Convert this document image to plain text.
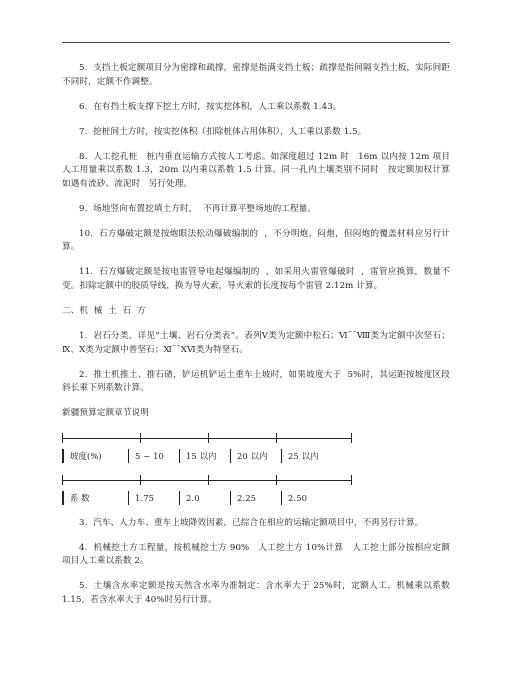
5.  支挡土板定额项目分为密撑和疏撑，密撑是指满支挡土板；疏撑是指间隔支挡土板，实际间距不同时，定额不作调整。

6.  在有挡土板支撑下挖土方时，按实挖体积，人工乘以系数 1.43。

7.  挖桩间土方时，按实挖体积（扣除桩体占用体积），人工乘以系数 1.5。

8.  人工挖孔桩   桩内垂直运输方式按人工考虑。如深度超过 12m 时   16m 以内按 12m 项目人工用量乘以系数 1.3，20m 以内乘以系数 1.5 计算。同一孔内土壤类别不同时   按定额加权计算   如遇有流砂、流泥时   另行处理。

9.  场地竖向布置挖填土方时，  不再计算平整场地的工程量。

10.  石方爆破定额是按炮眼法松动爆破编制的  ，不分明炮、闷炮，但闷炮的覆盖材料应另行计算。

11.  石方爆破定额是按电雷管导电起爆编制的  ，如采用火雷管爆破时  ，雷管应换算，数量不变。扣除定额中的胶质导线，换为导火索，导火索的长度按每个雷管 2.12m 计算。

二、机  械  土  石  方

1.  岩石分类，详见“土壤、岩石分类表”。表列Ⅴ类为定额中松石；Ⅵ¯¯Ⅷ类为定额中次坚石；Ⅸ、Ⅹ类为定额中普坚石；Ⅺ¯¯ⅩⅥ类为特坚石。

2.  推土机推土、推石碴，铲运机铲运土重车上坡时，如果坡度大于  5%时，其运距按坡度区段斜长乘下列系数计算。

新疆预算定额章节说明

坡度(%)	5 ~ 10	15 以内	20 以内	25 以内
系 数	1.75	2.0	2.25	2.50

3.  汽车、人力车、重车上坡降效因素，已综合在相应的运输定额项目中，不再另行计算。

4.  机械挖土方工程量，按机械挖土方 90%   人工挖土方 10%计算   人工挖土部分按相应定额项目人工乘以系数 2。

5.  土壤含水率定额是按天然含水率为准制定：含水率大于 25%时，定额人工、机械乘以系数 1.15，若含水率大于 40%时另行计算。
